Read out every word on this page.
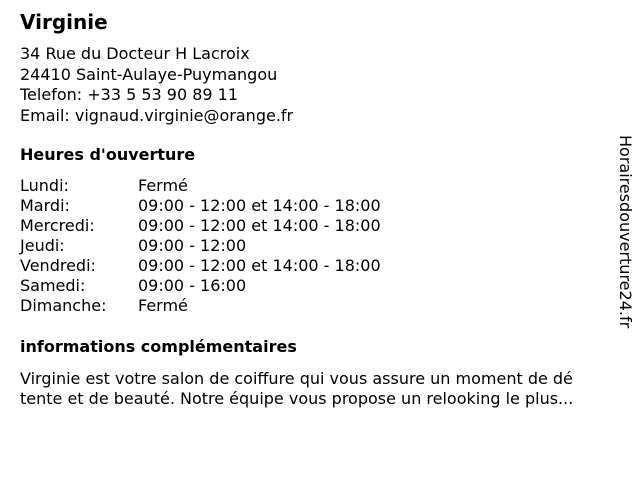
Virginie
34 Rue du Docteur H Lacroix
24410 Saint-Aulaye-Puymangou
Telefon: +33 5 53 90 89 11
Email: vignaud.virginie@orange.fr
Heures d'ouverture
Lundi:	Fermé
Mardi:	09:00 - 12:00 et 14:00 - 18:00
Mercredi:	09:00 - 12:00 et 14:00 - 18:00
Jeudi:	09:00 - 12:00
Vendredi:	09:00 - 12:00 et 14:00 - 18:00
Samedi:	09:00 - 16:00
Dimanche: Fermé
informations complémentaires
Virginie est votre salon de coiffure qui vous assure un moment de dé
tente et de beauté. Notre équipe vous propose un relooking le plus...
Horairesdouverture24.fr
